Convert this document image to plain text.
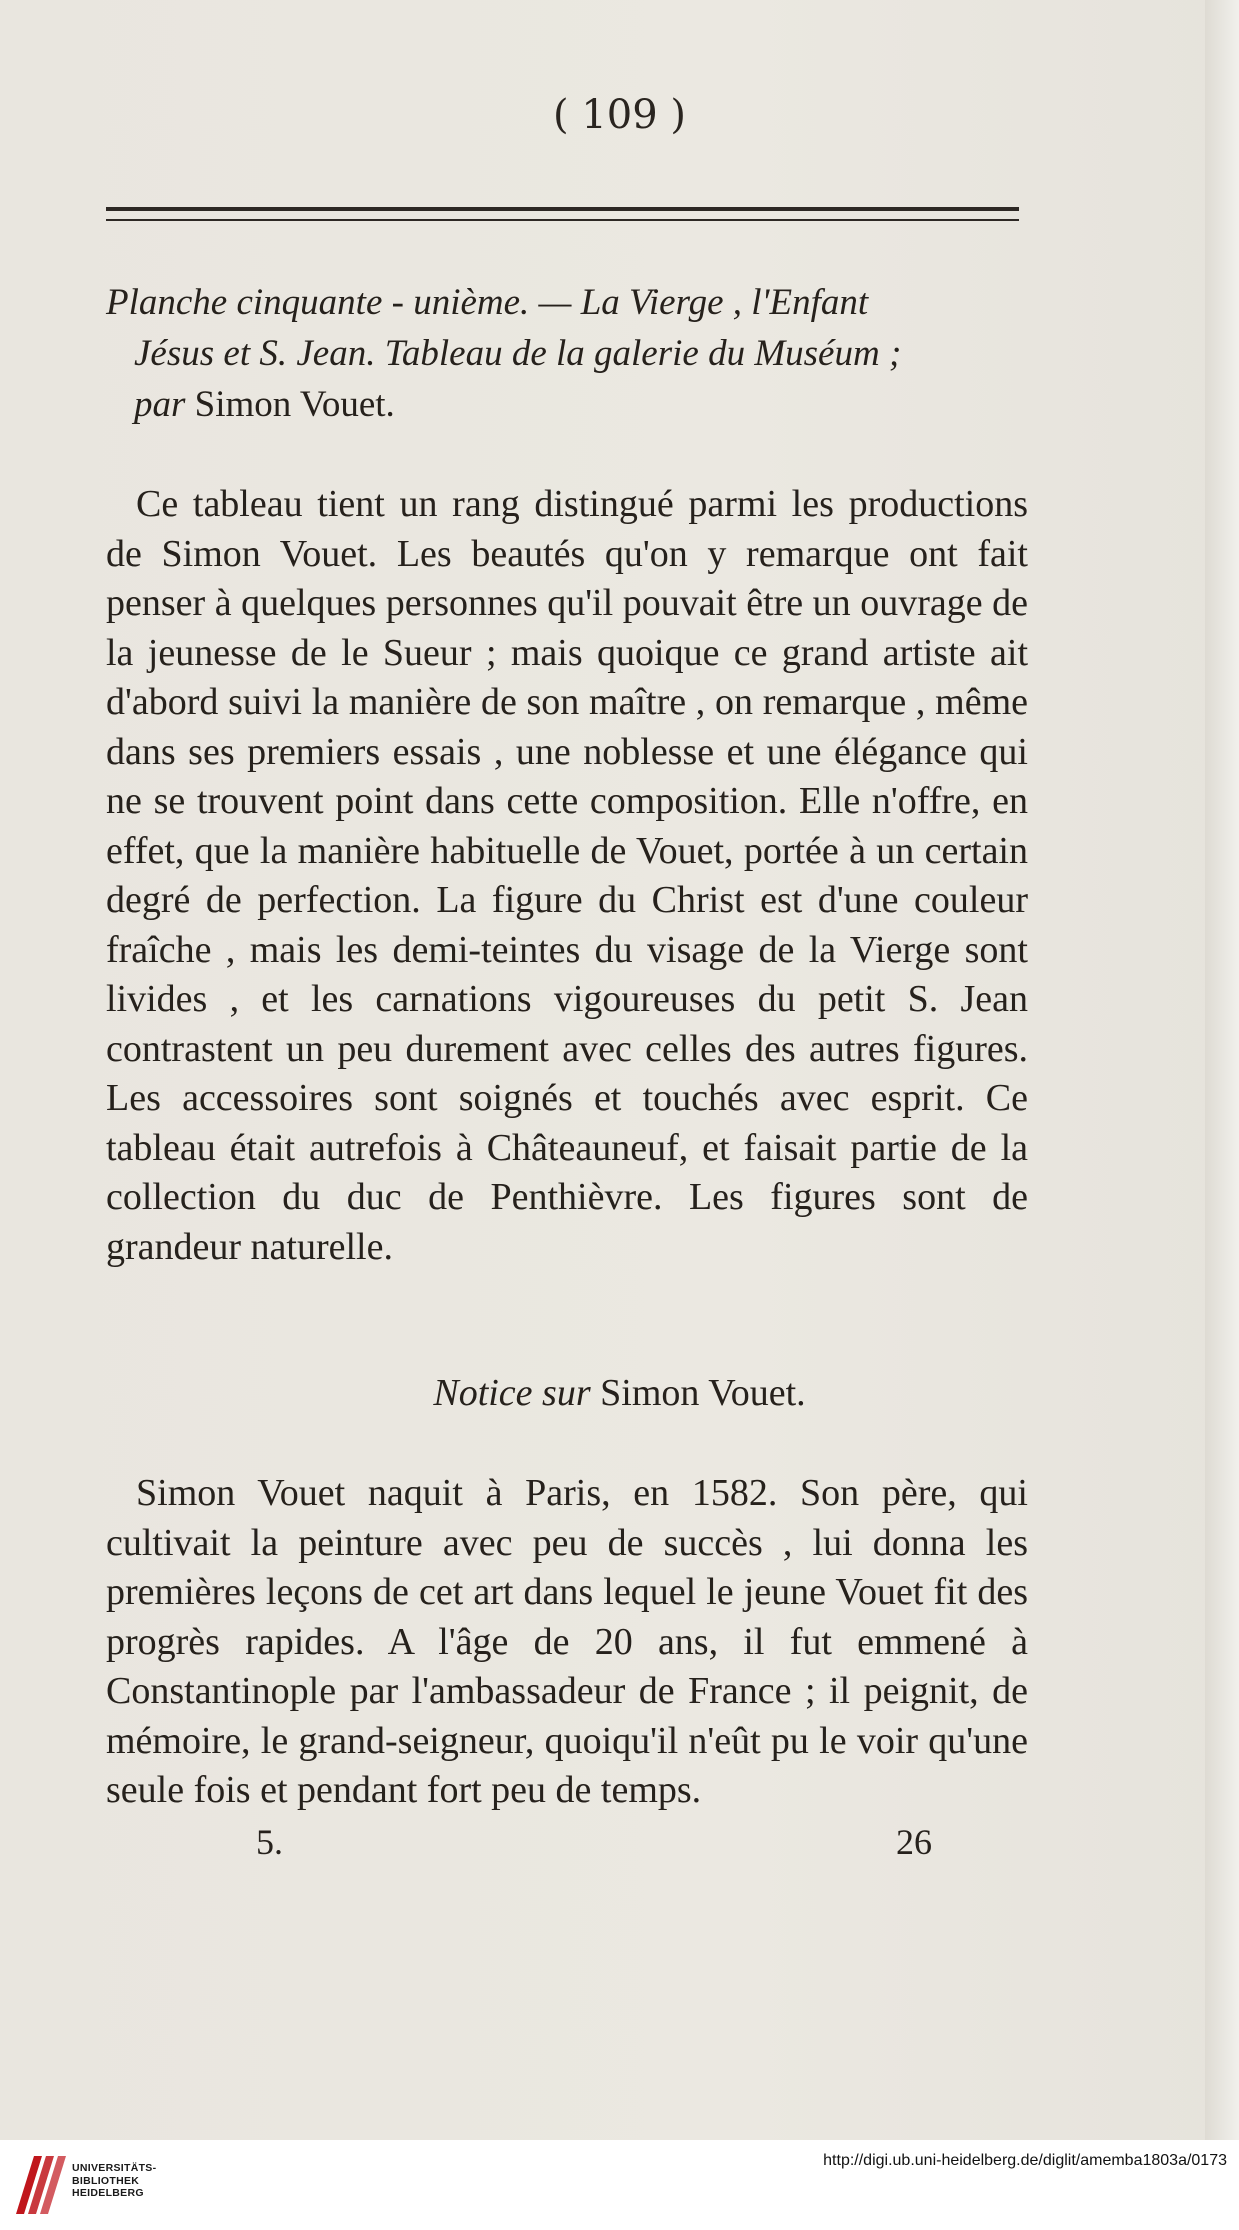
( 109 )
Planche cinquante - unième. — La Vierge , l'Enfant
Jésus et S. Jean. Tableau de la galerie du Muséum ;
par Simon Vouet.
Ce tableau tient un rang distingué parmi les productions de Simon Vouet. Les beautés qu'on y remarque ont fait penser à quelques personnes qu'il pouvait être un ouvrage de la jeunesse de le Sueur ; mais quoique ce grand artiste ait d'abord suivi la manière de son maître , on remarque , même dans ses premiers essais , une noblesse et une élégance qui ne se trouvent point dans cette composition. Elle n'offre, en effet, que la manière habituelle de Vouet, portée à un certain degré de perfection. La figure du Christ est d'une couleur fraîche , mais les demi-teintes du visage de la Vierge sont livides , et les carnations vigoureuses du petit S. Jean contrastent un peu durement avec celles des autres figures. Les accessoires sont soignés et touchés avec esprit. Ce tableau était autrefois à Châteauneuf, et faisait partie de la collection du duc de Penthièvre. Les figures sont de grandeur naturelle.
Notice sur Simon Vouet.
Simon Vouet naquit à Paris, en 1582. Son père, qui cultivait la peinture avec peu de succès , lui donna les premières leçons de cet art dans lequel le jeune Vouet fit des progrès rapides. A l'âge de 20 ans, il fut emmené à Constantinople par l'ambassadeur de France ; il peignit, de mémoire, le grand-seigneur, quoiqu'il n'eût pu le voir qu'une seule fois et pendant fort peu de temps.
5.	26
UNIVERSITÄTS-
BIBLIOTHEK
HEIDELBERG
http://digi.ub.uni-heidelberg.de/diglit/amemba1803a/0173
